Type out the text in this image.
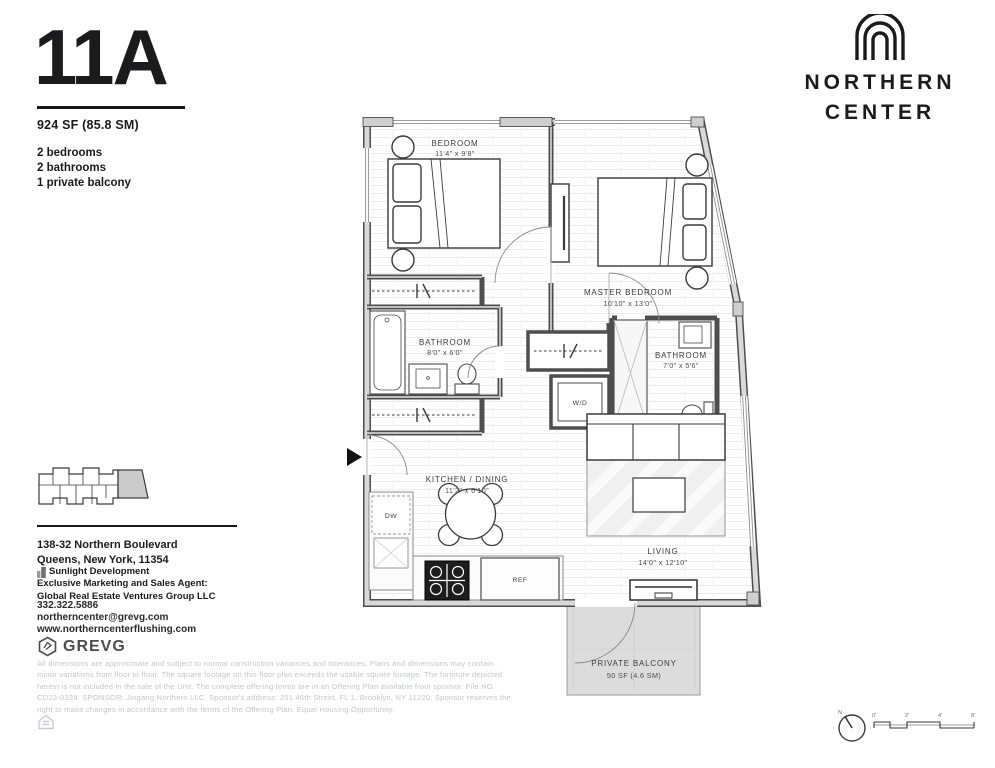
11A
924 SF (85.8 SM)
2 bedrooms
2 bathrooms
1 private balcony
NORTHERN
CENTER
138-32 Northern Boulevard
Queens, New York, 11354
Sunlight Development
Exclusive Marketing and Sales Agent:
Global Real Estate Ventures Group LLC
332.322.5886
northerncenter@grevg.com
www.northerncenterflushing.com
GREVG
All dimensions are approximate and subject to normal construction variances and tolerances. Plans and dimensions may contain minor variations from floor to floor. The square footage on this floor plan exceeds the usable square footage. The furniture depicted herein is not included in the sale of the Unit. The complete offering terms are in an Offering Plan available from sponsor. File NO. CD23-0339. SPONSOR: Jingang Northern LLC. Sponsor's address: 201 46th Street, FL 1, Brooklyn, NY 11220. Sponsor reserves the right to make changes in accordance with the terms of the Offering Plan. Equal Housing Opportunity.
BEDROOM
11'4" x 9'8"
MASTER BEDROOM
10'10" x 13'0"
BATHROOM
8'0" x 6'0"	BATHROOM
7'0" x 5'6"
KITCHEN / DINING
11'2" x 6'10"
LIVING
14'0" x 12'10"
PRIVATE BALCONY
50 SF (4.6 SM)
DW
REF
W/D
N	0'	2'	4'	8'
